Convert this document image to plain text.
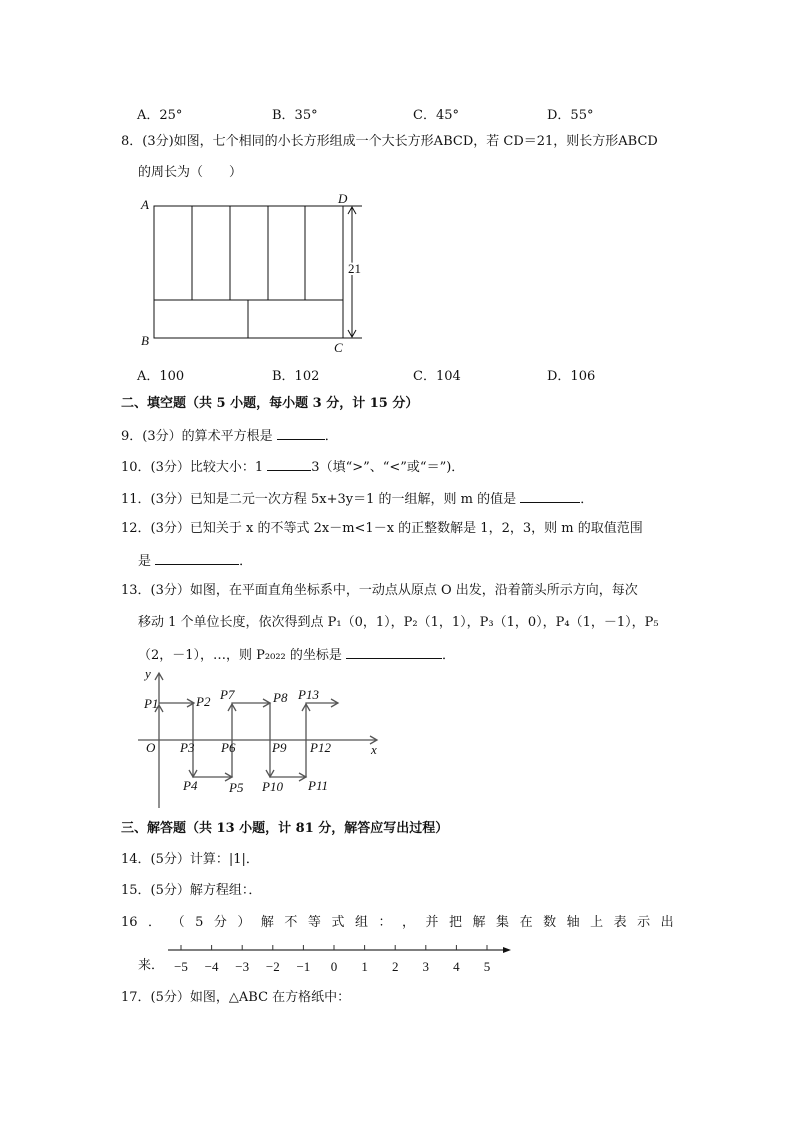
A．25°	B．35°	C．45°	D．55°
8．(3分)如图，七个相同的小长方形组成一个大长方形ABCD，若 CD＝21，则长方形ABCD
的周长为（　　）
A	D
B	C
21
A．100	B．102	C．104	D．106
二、填空题（共 5 小题，每小题 3 分，计 15 分）
9．(3分）的算术平方根是	．
10．(3分）比较大小：1	3（填“>”、“<”或“＝”)．
11．(3分）已知是二元一次方程 5x+3y＝1 的一组解，则 m 的值是	．
12．(3分）已知关于 x 的不等式 2x－m<1－x 的正整数解是 1，2，3，则 m 的取值范围
是	．
13．(3分）如图，在平面直角坐标系中，一动点从原点 O 出发，沿着箭头所示方向，每次
移动 1 个单位长度，依次得到点 P₁（0，1），P₂（1，1），P₃（1，0），P₄（1，－1），P₅
（2，－1），…，则 P₂₀₂₂ 的坐标是	．
y
x
O
P1	P2
P3
P4 P5
P6
P7	P8
P9
P10 P11
P12
P13
三、解答题（共 13 小题，计 81 分，解答应写出过程）
14．(5分）计算：|1|．
15．(5分）解方程组：．
16 ． （ 5 分 ） 解 不 等 式 组 ： ， 并 把 解 集 在 数 轴 上 表 示 出
来． −5 −4 −3 −2 −1 0 1 2 3 4 5
17．(5分）如图，△ABC 在方格纸中：
